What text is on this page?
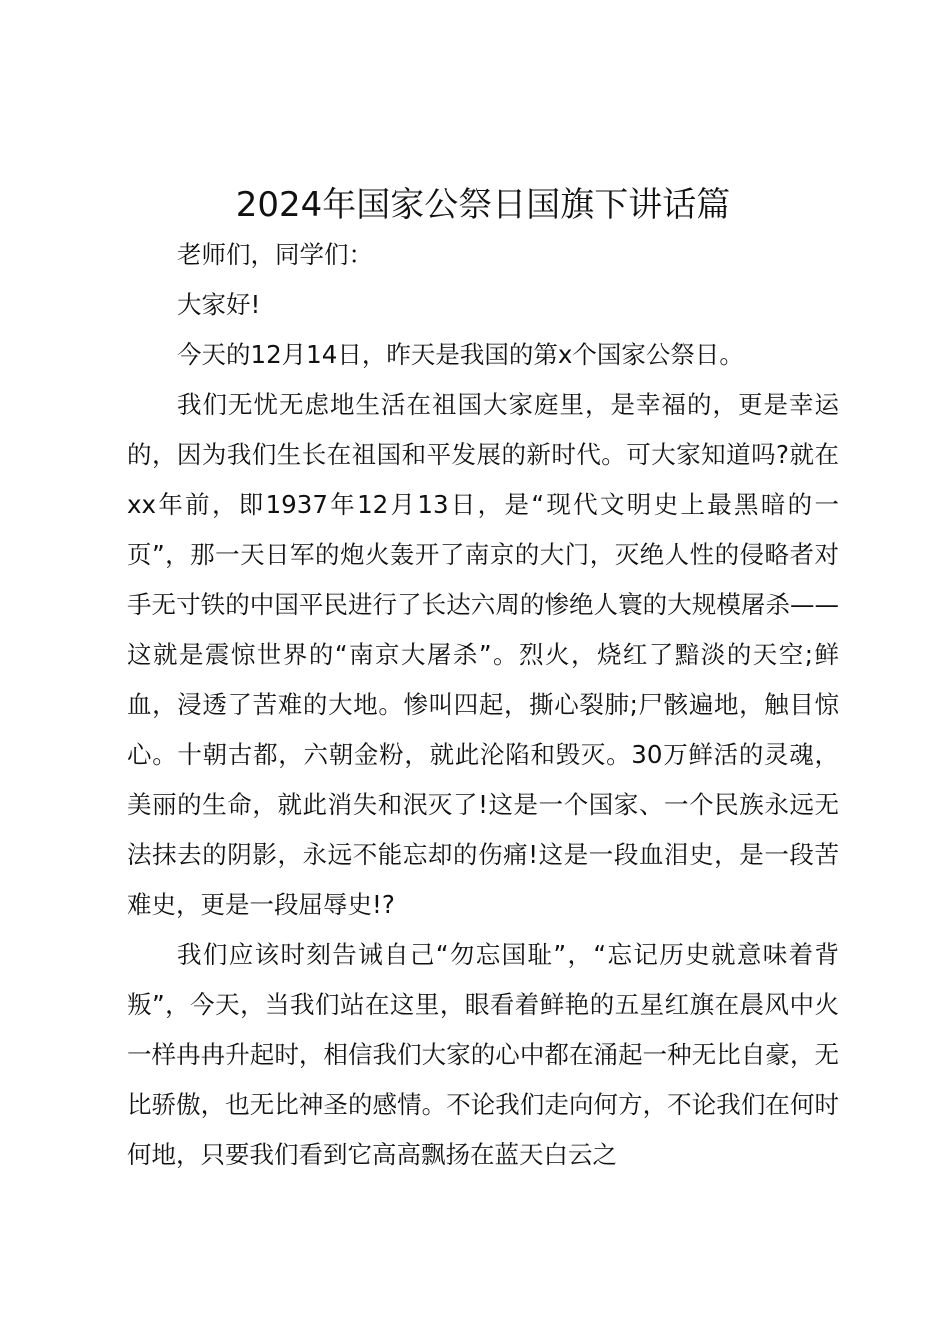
2024年国家公祭日国旗下讲话篇

老师们，同学们：

大家好!

今天的12月14日，昨天是我国的第x个国家公祭日。

我们无忧无虑地生活在祖国大家庭里，是幸福的，更是幸运的，因为我们生长在祖国和平发展的新时代。可大家知道吗?就在xx年前，即1937年12月13日，是“现代文明史上最黑暗的一页”，那一天日军的炮火轰开了南京的大门，灭绝人性的侵略者对手无寸铁的中国平民进行了长达六周的惨绝人寰的大规模屠杀——这就是震惊世界的“南京大屠杀”。烈火，烧红了黯淡的天空;鲜血，浸透了苦难的大地。惨叫四起，撕心裂肺;尸骸遍地，触目惊心。十朝古都，六朝金粉，就此沦陷和毁灭。30万鲜活的灵魂，美丽的生命，就此消失和泯灭了!这是一个国家、一个民族永远无法抹去的阴影，永远不能忘却的伤痛!这是一段血泪史，是一段苦难史，更是一段屈辱史!?

我们应该时刻告诫自己“勿忘国耻”，“忘记历史就意味着背叛”，今天，当我们站在这里，眼看着鲜艳的五星红旗在晨风中火一样冉冉升起时，相信我们大家的心中都在涌起一种无比自豪，无比骄傲，也无比神圣的感情。不论我们走向何方，不论我们在何时何地，只要我们看到它高高飘扬在蓝天白云之
